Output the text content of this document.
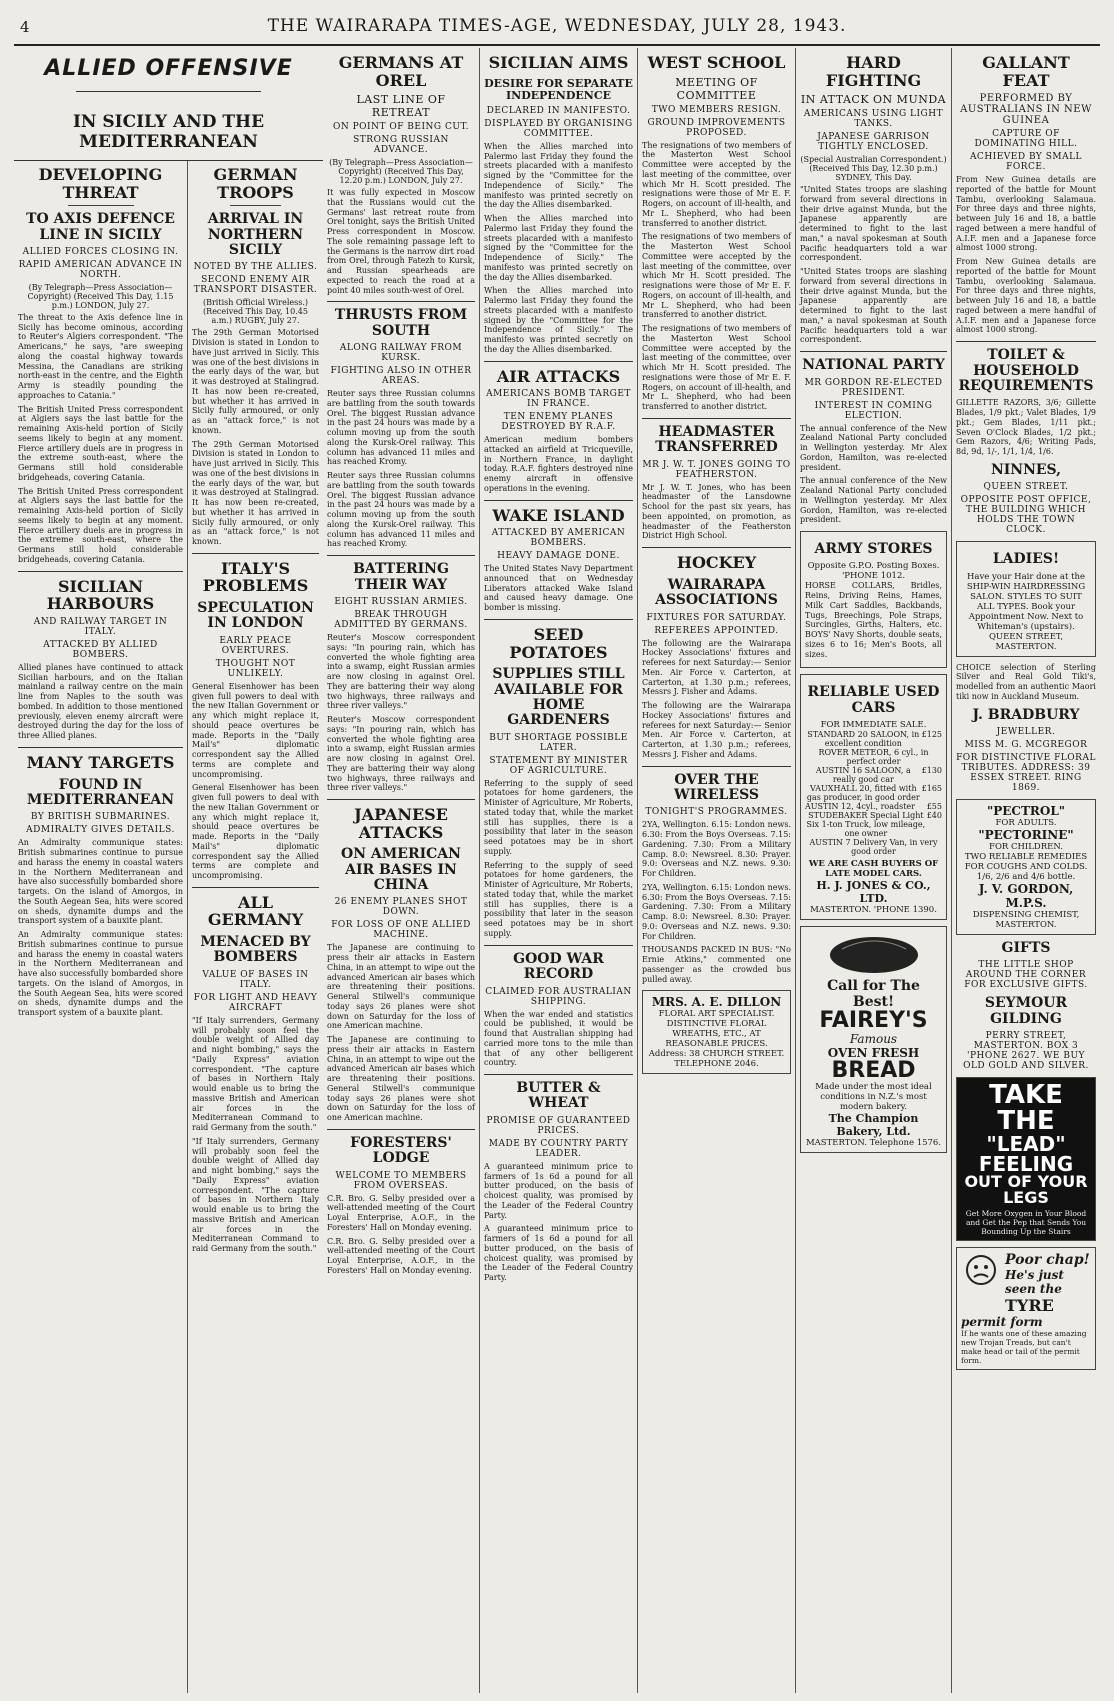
4	THE WAIRARAPA TIMES-AGE, WEDNESDAY, JULY 28, 1943.
DEVELOPING THREAT
TO AXIS DEFENCE LINE IN SICILY
ALLIED FORCES CLOSING IN.
RAPID AMERICAN ADVANCE IN NORTH.
(By Telegraph—Press Association—Copyright) (Received This Day, 1.15 p.m.) LONDON, July 27.

The threat to the Axis defence line in Sicily has become ominous, according to Reuter's Algiers correspondent. "The Americans," he says, "are sweeping along the coastal highway towards Messina, the Canadians are striking north-east in the centre, and the Eighth Army is steadily pounding the approaches to Catania."

The British United Press correspondent at Algiers says the last battle for the remaining Axis-held portion of Sicily seems likely to begin at any moment. Fierce artillery duels are in progress in the extreme south-east, where the Germans still hold considerable bridgeheads, covering Catania.

The British United Press correspondent at Algiers says the last battle for the remaining Axis-held portion of Sicily seems likely to begin at any moment. Fierce artillery duels are in progress in the extreme south-east, where the Germans still hold considerable bridgeheads, covering Catania.

SICILIAN HARBOURS
AND RAILWAY TARGET IN ITALY.
ATTACKED BY ALLIED BOMBERS.

Allied planes have continued to attack Sicilian harbours, and on the Italian mainland a railway centre on the main line from Naples to the south was bombed. In addition to those mentioned previously, eleven enemy aircraft were destroyed during the day for the loss of three Allied planes.

MANY TARGETS
FOUND IN MEDITERRANEAN
BY BRITISH SUBMARINES.
ADMIRALTY GIVES DETAILS.

An Admiralty communique states: British submarines continue to pursue and harass the enemy in coastal waters in the Northern Mediterranean and have also successfully bombarded shore targets. On the island of Amorgos, in the South Aegean Sea, hits were scored on sheds, dynamite dumps and the transport system of a bauxite plant.

An Admiralty communique states: British submarines continue to pursue and harass the enemy in coastal waters in the Northern Mediterranean and have also successfully bombarded shore targets. On the island of Amorgos, in the South Aegean Sea, hits were scored on sheds, dynamite dumps and the transport system of a bauxite plant.

GERMAN TROOPS
ARRIVAL IN NORTHERN SICILY
NOTED BY THE ALLIES.
SECOND ENEMY AIR TRANSPORT DISASTER.
(British Official Wireless.) (Received This Day, 10.45 a.m.) RUGBY, July 27.

The 29th German Motorised Division is stated in London to have just arrived in Sicily. This was one of the best divisions in the early days of the war, but it was destroyed at Stalingrad. It has now been re-created, but whether it has arrived in Sicily fully armoured, or only as an "attack force," is not known.

The 29th German Motorised Division is stated in London to have just arrived in Sicily. This was one of the best divisions in the early days of the war, but it was destroyed at Stalingrad. It has now been re-created, but whether it has arrived in Sicily fully armoured, or only as an "attack force," is not known.

ITALY'S PROBLEMS
SPECULATION IN LONDON
EARLY PEACE OVERTURES.
THOUGHT NOT UNLIKELY.

General Eisenhower has been given full powers to deal with the new Italian Government or any which might replace it, should peace overtures be made. Reports in the "Daily Mail's" diplomatic correspondent say the Allied terms are complete and uncompromising.

General Eisenhower has been given full powers to deal with the new Italian Government or any which might replace it, should peace overtures be made. Reports in the "Daily Mail's" diplomatic correspondent say the Allied terms are complete and uncompromising.

ALL GERMANY
MENACED BY BOMBERS
VALUE OF BASES IN ITALY.
FOR LIGHT AND HEAVY AIRCRAFT

"If Italy surrenders, Germany will probably soon feel the double weight of Allied day and night bombing," says the "Daily Express" aviation correspondent. "The capture of bases in Northern Italy would enable us to bring the massive British and American air forces in the Mediterranean Command to raid Germany from the south."

"If Italy surrenders, Germany will probably soon feel the double weight of Allied day and night bombing," says the "Daily Express" aviation correspondent. "The capture of bases in Northern Italy would enable us to bring the massive British and American air forces in the Mediterranean Command to raid Germany from the south."

ALLIED OFFENSIVE
IN SICILY AND THE MEDITERRANEAN
GERMANS AT OREL
LAST LINE OF RETREAT
ON POINT OF BEING CUT.
STRONG RUSSIAN ADVANCE.
(By Telegraph—Press Association—Copyright) (Received This Day, 12.20 p.m.) LONDON, July 27.

It was fully expected in Moscow that the Russians would cut the Germans' last retreat route from Orel tonight, says the British United Press correspondent in Moscow. The sole remaining passage left to the Germans is the narrow dirt road from Orel, through Fatezh to Kursk, and Russian spearheads are expected to reach the road at a point 40 miles south-west of Orel.

THRUSTS FROM SOUTH
ALONG RAILWAY FROM KURSK.
FIGHTING ALSO IN OTHER AREAS.

Reuter says three Russian columns are battling from the south towards Orel. The biggest Russian advance in the past 24 hours was made by a column moving up from the south along the Kursk-Orel railway. This column has advanced 11 miles and has reached Kromy.

Reuter says three Russian columns are battling from the south towards Orel. The biggest Russian advance in the past 24 hours was made by a column moving up from the south along the Kursk-Orel railway. This column has advanced 11 miles and has reached Kromy.

BATTERING THEIR WAY
EIGHT RUSSIAN ARMIES.
BREAK THROUGH ADMITTED BY GERMANS.

Reuter's Moscow correspondent says: "In pouring rain, which has converted the whole fighting area into a swamp, eight Russian armies are now closing in against Orel. They are battering their way along two highways, three railways and three river valleys."

Reuter's Moscow correspondent says: "In pouring rain, which has converted the whole fighting area into a swamp, eight Russian armies are now closing in against Orel. They are battering their way along two highways, three railways and three river valleys."

JAPANESE ATTACKS
ON AMERICAN AIR BASES IN CHINA
26 ENEMY PLANES SHOT DOWN.
FOR LOSS OF ONE ALLIED MACHINE.

The Japanese are continuing to press their air attacks in Eastern China, in an attempt to wipe out the advanced American air bases which are threatening their positions. General Stilwell's communique today says 26 planes were shot down on Saturday for the loss of one American machine.

The Japanese are continuing to press their air attacks in Eastern China, in an attempt to wipe out the advanced American air bases which are threatening their positions. General Stilwell's communique today says 26 planes were shot down on Saturday for the loss of one American machine.

FORESTERS' LODGE
WELCOME TO MEMBERS FROM OVERSEAS.

C.R. Bro. G. Selby presided over a well-attended meeting of the Court Loyal Enterprise, A.O.F., in the Foresters' Hall on Monday evening.

C.R. Bro. G. Selby presided over a well-attended meeting of the Court Loyal Enterprise, A.O.F., in the Foresters' Hall on Monday evening.

SICILIAN AIMS
DESIRE FOR SEPARATE INDEPENDENCE
DECLARED IN MANIFESTO.
DISPLAYED BY ORGANISING COMMITTEE.

When the Allies marched into Palermo last Friday they found the streets placarded with a manifesto signed by the "Committee for the Independence of Sicily." The manifesto was printed secretly on the day the Allies disembarked.

When the Allies marched into Palermo last Friday they found the streets placarded with a manifesto signed by the "Committee for the Independence of Sicily." The manifesto was printed secretly on the day the Allies disembarked.

When the Allies marched into Palermo last Friday they found the streets placarded with a manifesto signed by the "Committee for the Independence of Sicily." The manifesto was printed secretly on the day the Allies disembarked.

AIR ATTACKS
AMERICANS BOMB TARGET IN FRANCE.
TEN ENEMY PLANES DESTROYED BY R.A.F.

American medium bombers attacked an airfield at Tricqueville, in Northern France, in daylight today. R.A.F. fighters destroyed nine enemy aircraft in offensive operations in the evening.

WAKE ISLAND
ATTACKED BY AMERICAN BOMBERS.
HEAVY DAMAGE DONE.

The United States Navy Department announced that on Wednesday Liberators attacked Wake Island and caused heavy damage. One bomber is missing.

SEED POTATOES
SUPPLIES STILL AVAILABLE FOR HOME GARDENERS
BUT SHORTAGE POSSIBLE LATER.
STATEMENT BY MINISTER OF AGRICULTURE.

Referring to the supply of seed potatoes for home gardeners, the Minister of Agriculture, Mr Roberts, stated today that, while the market still has supplies, there is a possibility that later in the season seed potatoes may be in short supply.

Referring to the supply of seed potatoes for home gardeners, the Minister of Agriculture, Mr Roberts, stated today that, while the market still has supplies, there is a possibility that later in the season seed potatoes may be in short supply.

GOOD WAR RECORD
CLAIMED FOR AUSTRALIAN SHIPPING.

When the war ended and statistics could be published, it would be found that Australian shipping had carried more tons to the mile than that of any other belligerent country.

BUTTER & WHEAT
PROMISE OF GUARANTEED PRICES.
MADE BY COUNTRY PARTY LEADER.

A guaranteed minimum price to farmers of 1s 6d a pound for all butter produced, on the basis of choicest quality, was promised by the Leader of the Federal Country Party.

A guaranteed minimum price to farmers of 1s 6d a pound for all butter produced, on the basis of choicest quality, was promised by the Leader of the Federal Country Party.

WEST SCHOOL
MEETING OF COMMITTEE
TWO MEMBERS RESIGN.
GROUND IMPROVEMENTS PROPOSED.

The resignations of two members of the Masterton West School Committee were accepted by the last meeting of the committee, over which Mr H. Scott presided. The resignations were those of Mr E. F. Rogers, on account of ill-health, and Mr L. Shepherd, who had been transferred to another district.

The resignations of two members of the Masterton West School Committee were accepted by the last meeting of the committee, over which Mr H. Scott presided. The resignations were those of Mr E. F. Rogers, on account of ill-health, and Mr L. Shepherd, who had been transferred to another district.

The resignations of two members of the Masterton West School Committee were accepted by the last meeting of the committee, over which Mr H. Scott presided. The resignations were those of Mr E. F. Rogers, on account of ill-health, and Mr L. Shepherd, who had been transferred to another district.

HEADMASTER TRANSFERRED
MR J. W. T. JONES GOING TO FEATHERSTON.

Mr J. W. T. Jones, who has been headmaster of the Lansdowne School for the past six years, has been appointed, on promotion, as headmaster of the Featherston District High School.

HOCKEY
WAIRARAPA ASSOCIATIONS
FIXTURES FOR SATURDAY.
REFEREES APPOINTED.

The following are the Wairarapa Hockey Associations' fixtures and referees for next Saturday:— Senior Men. Air Force v. Carterton, at Carterton, at 1.30 p.m.; referees, Messrs J. Fisher and Adams.

The following are the Wairarapa Hockey Associations' fixtures and referees for next Saturday:— Senior Men. Air Force v. Carterton, at Carterton, at 1.30 p.m.; referees, Messrs J. Fisher and Adams.

OVER THE WIRELESS
TONIGHT'S PROGRAMMES.

2YA, Wellington. 6.15: London news. 6.30: From the Boys Overseas. 7.15: Gardening. 7.30: From a Military Camp. 8.0: Newsreel. 8.30: Prayer. 9.0: Overseas and N.Z. news. 9.30: For Children.

2YA, Wellington. 6.15: London news. 6.30: From the Boys Overseas. 7.15: Gardening. 7.30: From a Military Camp. 8.0: Newsreel. 8.30: Prayer. 9.0: Overseas and N.Z. news. 9.30: For Children.

THOUSANDS PACKED IN BUS: "No Ernie Atkins," commented one passenger as the crowded bus pulled away.

MRS. A. E. DILLON
FLORAL ART SPECIALIST.
DISTINCTIVE FLORAL WREATHS, ETC., AT REASONABLE PRICES.
Address: 38 CHURCH STREET.
TELEPHONE 2046.
HARD FIGHTING
IN ATTACK ON MUNDA
AMERICANS USING LIGHT TANKS.
JAPANESE GARRISON TIGHTLY ENCLOSED.
(Special Australian Correspondent.) (Received This Day, 12.30 p.m.) SYDNEY, This Day.

"United States troops are slashing forward from several directions in their drive against Munda, but the Japanese apparently are determined to fight to the last man," a naval spokesman at South Pacific headquarters told a war correspondent.

"United States troops are slashing forward from several directions in their drive against Munda, but the Japanese apparently are determined to fight to the last man," a naval spokesman at South Pacific headquarters told a war correspondent.

NATIONAL PARTY
MR GORDON RE-ELECTED PRESIDENT.
INTEREST IN COMING ELECTION.

The annual conference of the New Zealand National Party concluded in Wellington yesterday. Mr Alex Gordon, Hamilton, was re-elected president.

The annual conference of the New Zealand National Party concluded in Wellington yesterday. Mr Alex Gordon, Hamilton, was re-elected president.

ARMY STORES
Opposite G.P.O. Posting Boxes. 'PHONE 1012.

HORSE COLLARS, Bridles, Reins, Driving Reins, Hames, Milk Cart Saddles, Backbands, Tugs, Breechings, Pole Straps, Surcingles, Girths, Halters, etc. BOYS' Navy Shorts, double seats, sizes 6 to 16; Men's Boots, all sizes.

RELIABLE USED CARS
FOR IMMEDIATE SALE.
STANDARD 20 SALOON, in excellent condition
£125
ROVER METEOR, 6 cyl., in perfect order
AUSTIN 16 SALOON, a really good car
£130
VAUXHALL 20, fitted with gas producer, in good order
£165
AUSTIN 12, 4cyl., roadster £55
STUDEBAKER Special Light Six 1-ton Truck, low mileage, one owner
£40
AUSTIN 7 Delivery Van, in very good order
WE ARE CASH BUYERS OF LATE MODEL CARS.
H. J. JONES & CO., LTD.
MASTERTON. 'PHONE 1390.
Call for The Best!
FAIREY'S
Famous
OVEN FRESH
BREAD
Made under the most ideal conditions in N.Z.'s most modern bakery.
The Champion Bakery, Ltd.
MASTERTON. Telephone 1576.
GALLANT FEAT
PERFORMED BY AUSTRALIANS IN NEW GUINEA
CAPTURE OF DOMINATING HILL.
ACHIEVED BY SMALL FORCE.

From New Guinea details are reported of the battle for Mount Tambu, overlooking Salamaua. For three days and three nights, between July 16 and 18, a battle raged between a mere handful of A.I.F. men and a Japanese force almost 1000 strong.

From New Guinea details are reported of the battle for Mount Tambu, overlooking Salamaua. For three days and three nights, between July 16 and 18, a battle raged between a mere handful of A.I.F. men and a Japanese force almost 1000 strong.

TOILET & HOUSEHOLD REQUIREMENTS

GILLETTE RAZORS, 3/6; Gillette Blades, 1/9 pkt.; Valet Blades, 1/9 pkt.; Gem Blades, 1/11 pkt.; Seven O'Clock Blades, 1/2 pkt.; Gem Razors, 4/6; Writing Pads, 8d, 9d, 1/-, 1/1, 1/4, 1/6.

NINNES,
QUEEN STREET.
OPPOSITE POST OFFICE, THE BUILDING WHICH HOLDS THE TOWN CLOCK.
LADIES!
Have your Hair done at the SHIP-WIN HAIRDRESSING SALON. STYLES TO SUIT ALL TYPES. Book your Appointment Now. Next to Whiteman's (upstairs). QUEEN STREET, MASTERTON.

CHOICE selection of Sterling Silver and Real Gold Tiki's, modelled from an authentic Maori tiki now in Auckland Museum.

J. BRADBURY
JEWELLER.
MISS M. G. MCGREGOR
FOR DISTINCTIVE FLORAL TRIBUTES. ADDRESS: 39 ESSEX STREET. RING 1869.
"PECTROL"
FOR ADULTS.
"PECTORINE"
FOR CHILDREN.
TWO RELIABLE REMEDIES
FOR COUGHS AND COLDS. 1/6, 2/6 and 4/6 bottle.
J. V. GORDON, M.P.S.
DISPENSING CHEMIST, MASTERTON.
GIFTS
THE LITTLE SHOP AROUND THE CORNER FOR EXCLUSIVE GIFTS.
SEYMOUR GILDING
PERRY STREET, MASTERTON. BOX 3 'PHONE 2627. WE BUY OLD GOLD AND SILVER.
TAKE THE
"LEAD" FEELING
OUT OF YOUR LEGS
Get More Oxygen in Your Blood and Get the Pep that Sends You Bounding Up the Stairs
Poor chap!
He's just seen the
TYRE
permit form
If he wants one of these amazing new Trojan Treads, but can't make head or tail of the permit form.
